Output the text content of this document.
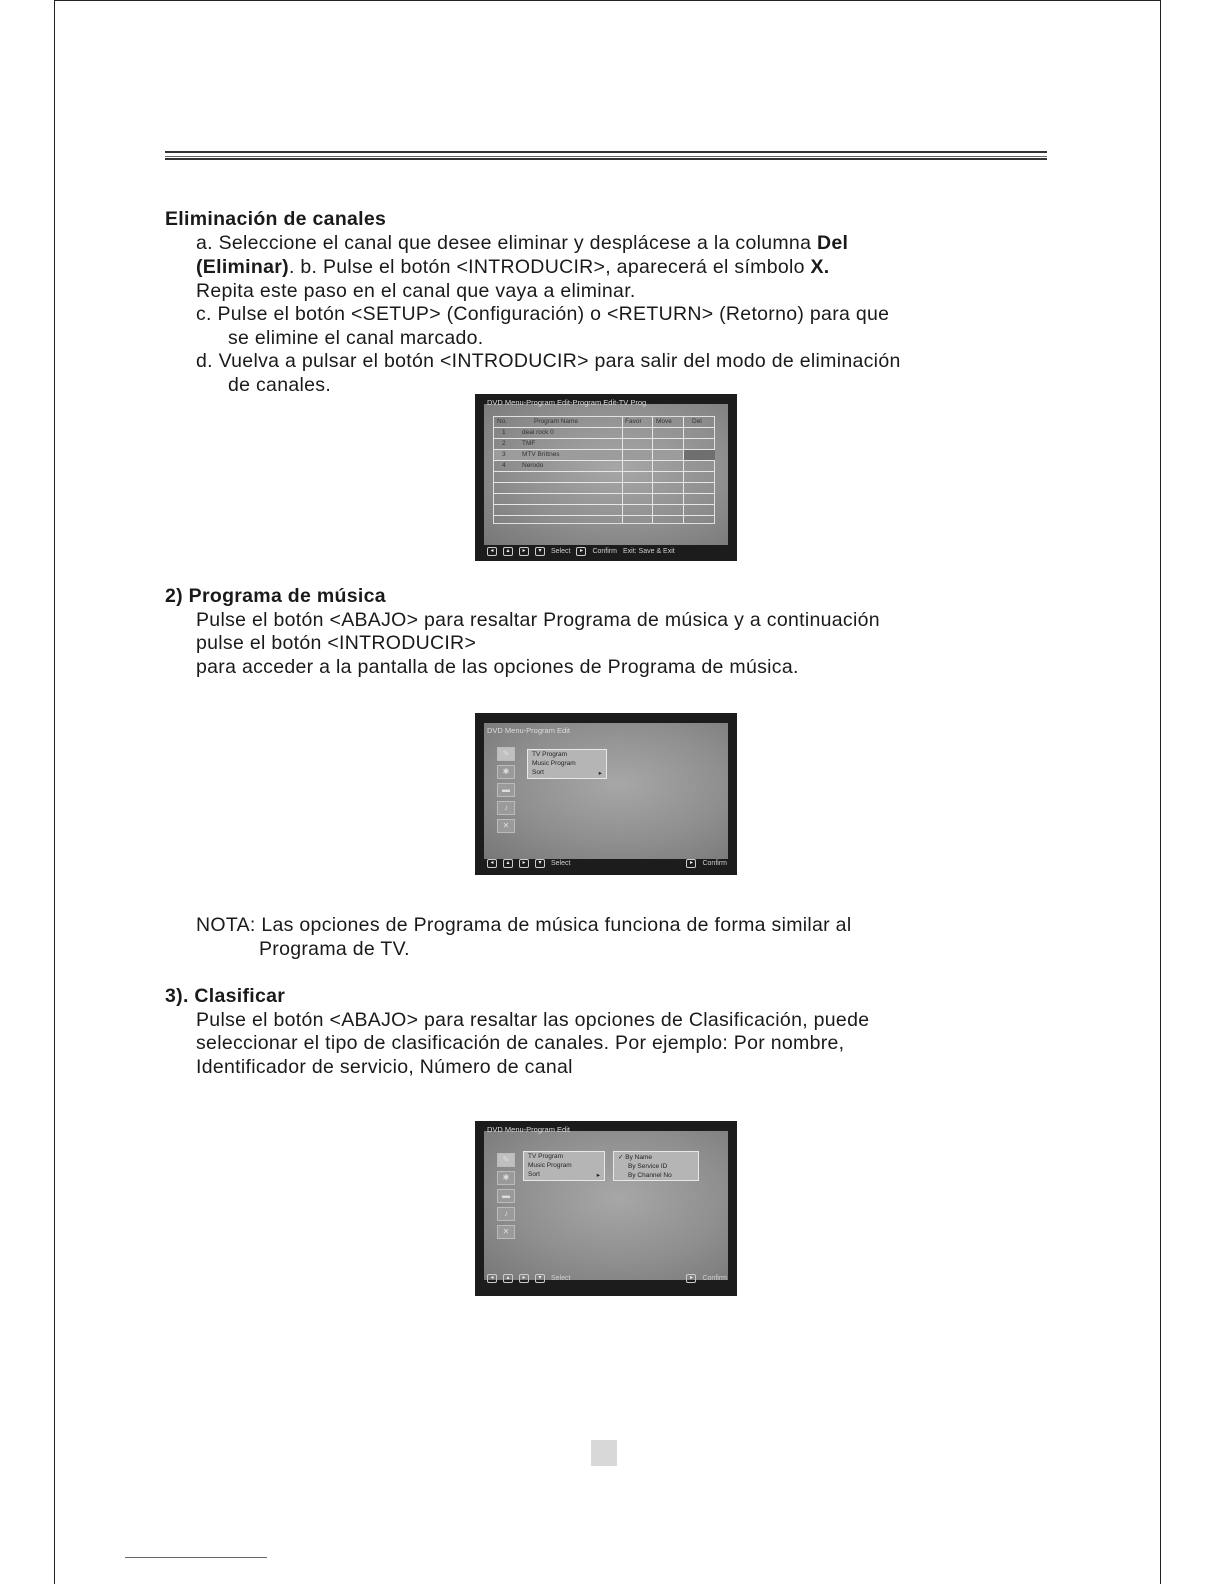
Eliminación de canales
a. Seleccione el canal que desee eliminar y desplácese a la columna Del
(Eliminar). b. Pulse el botón <INTRODUCIR>, aparecerá el símbolo X.
Repita este paso en el canal que vaya a eliminar.
c. Pulse el botón <SETUP> (Configuración) o <RETURN> (Retorno) para que
se elimine el canal marcado.
d. Vuelva a pulsar el botón <INTRODUCIR> para salir del modo de eliminación
de canales.
DVD Menu-Program Edit-Program Edit-TV Prog
No.	Program Name	Favor Move	Del
1	deal rock 0
2	TMF
3	MTV Brittnes
4	Nerodo
◂	▴	▸	▾	Select	▸	Confirm Exit: Save & Exit
2) Programa de música
Pulse el botón <ABAJO> para resaltar Programa de música y a continuación
pulse el botón <INTRODUCIR>
para acceder a la pantalla de las opciones de Programa de música.
DVD Menu-Program Edit
✎
✱
▬
♪
✕
TV Program
Music Program
Sort	▸
◂	▴	▸	▾	Select	▸	Confirm
NOTA: Las opciones de Programa de música funciona de forma similar al
Programa de TV.
3). Clasificar
Pulse el botón <ABAJO> para resaltar las opciones de Clasificación, puede
seleccionar el tipo de clasificación de canales. Por ejemplo: Por nombre,
Identificador de servicio, Número de canal
DVD Menu-Program Edit
✎
✱
▬
♪
✕
TV Program
Music Program
Sort	▸
✓ By Name
By Service ID
By Channel No
◂	▴	▸	▾	Select	▸	Confirm
